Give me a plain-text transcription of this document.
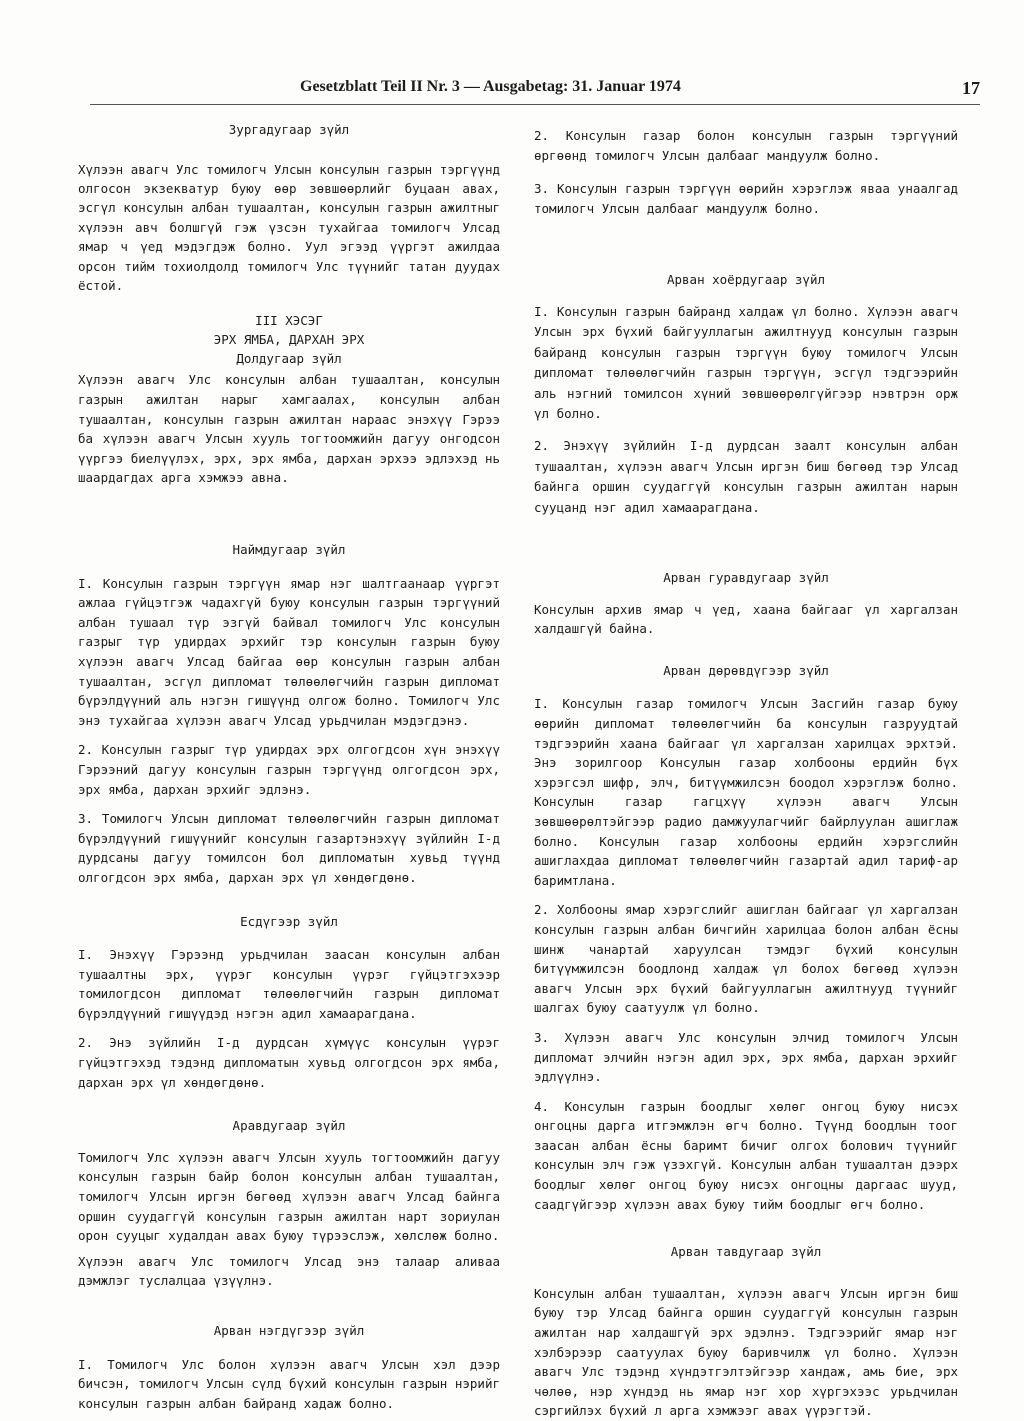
Gesetzblatt Teil II Nr. 3 — Ausgabetag: 31. Januar 1974	17
Зургадугаар зүйл

Хүлээн авагч Улс томилогч Улсын консулын газрын тэргүүнд олгосон экзекватур буюу өөр зөвшөөрлийг буцаан авах, эсгүл консулын албан тушаалтан, консулын газрын ажилтныг хүлээн авч болшгүй гэж үзсэн тухайгаа томилогч Улсад ямар ч үед мэдэгдэж болно. Уул эгээд үүргэт ажилдаа орсон тийм тохиолдолд томилогч Улс түүнийг татан дуудах ёстой.

III ХЭСЭГ
ЭРХ ЯМБА, ДАРХАН ЭРХ
Долдугаар зүйл

Хүлээн авагч Улс консулын албан тушаалтан, консулын газрын ажилтан нарыг хамгаалах, консулын албан тушаалтан, консулын газрын ажилтан нараас энэхүү Гэрээ ба хүлээн авагч Улсын хууль тогтоомжийн дагуу онгодсон үүргээ биелүүлэх, эрх, эрх ямба, дархан эрхээ эдлэхэд нь шаардагдах арга хэмжээ авна.

Наймдугаар зүйл

I. Консулын газрын тэргүүн ямар нэг шалтгаанаар үүргэт ажлаа гүйцэтгэж чадахгүй буюу консулын газрын тэргүүний албан тушаал түр эзгүй байвал томилогч Улс консулын газрыг түр удирдах эрхийг тэр консулын газрын буюу хүлээн авагч Улсад байгаа өөр консулын газрын албан тушаалтан, эсгүл дипломат төлөөлөгчийн газрын дипломат бүрэлдүүний аль нэгэн гишүүнд олгож болно. Томилогч Улс энэ тухайгаа хүлээн авагч Улсад урьдчилан мэдэгдэнэ.

2. Консулын газрыг түр удирдах эрх олгогдсон хүн энэхүү Гэрээний дагуу консулын газрын тэргүүнд олгогдсон эрх, эрх ямба, дархан эрхийг эдлэнэ.

3. Томилогч Улсын дипломат төлөөлөгчийн газрын дипломат бүрэлдүүний гишүүнийг консулын газартэнэхүү зүйлийн I-д дурдсаны дагуу томилсон бол дипломатын хувьд түүнд олгогдсон эрх ямба, дархан эрх үл хөндөгдөнө.

Есдүгээр зүйл

I. Энэхүү Гэрээнд урьдчилан заасан консулын албан тушаалтны эрх, үүрэг консулын үүрэг гүйцэтгэхээр томилогдсон дипломат төлөөлөгчийн газрын дипломат бүрэлдүүний гишүүдэд нэгэн адил хамаарагдана.

2. Энэ зүйлийн I-д дурдсан хүмүүс консулын үүрэг гүйцэтгэхэд тэдэнд дипломатын хувьд олгогдсон эрх ямба, дархан эрх үл хөндөгдөнө.

Аравдугаар зүйл

Томилогч Улс хүлээн авагч Улсын хууль тогтоомжийн дагуу консулын газрын байр болон консулын албан тушаалтан, томилогч Улсын иргэн бөгөөд хүлээн авагч Улсад байнга оршин суудаггүй консулын газрын ажилтан нарт зориулан орон сууцыг худалдан авах буюу түрээслэж, хөлслөж болно.

Хүлээн авагч Улс томилогч Улсад энэ талаар аливаа дэмжлэг туслалцаа үзүүлнэ.

Арван нэгдүгээр зүйл

I. Томилогч Улс болон хүлээн авагч Улсын хэл дээр бичсэн, томилогч Улсын сүлд бүхий консулын газрын нэрийг консулын газрын албан байранд хадаж болно.

2. Консулын газар болон консулын газрын тэргүүний өргөөнд томилогч Улсын далбааг мандуулж болно.

3. Консулын газрын тэргүүн өөрийн хэрэглэж яваа унаалгад томилогч Улсын далбааг мандуулж болно.

Арван хоёрдугаар зүйл

I. Консулын газрын байранд халдаж үл болно. Хүлээн авагч Улсын эрх бүхий байгууллагын ажилтнууд консулын газрын байранд консулын газрын тэргүүн буюу томилогч Улсын дипломат төлөөлөгчийн газрын тэргүүн, эсгүл тэдгээрийн аль нэгний томилсон хүний зөвшөөрөлгүйгээр нэвтрэн орж үл болно.

2. Энэхүү зүйлийн I-д дурдсан заалт консулын албан тушаалтан, хүлээн авагч Улсын иргэн биш бөгөөд тэр Улсад байнга оршин суудаггүй консулын газрын ажилтан нарын сууцанд нэг адил хамаарагдана.

Арван гуравдугаар зүйл

Консулын архив ямар ч үед, хаана байгааг үл харгалзан халдашгүй байна.

Арван дөрөвдүгээр зүйл

I. Консулын газар томилогч Улсын Засгийн газар буюу өөрийн дипломат төлөөлөгчийн ба консулын газруудтай тэдгээрийн хаана байгааг үл харгалзан харилцах эрхтэй. Энэ зорилгоор Консулын газар холбооны ердийн бүх хэрэгсэл шифр, элч, битүүмжилсэн боодол хэрэглэж болно. Консулын газар гагцхүү хүлээн авагч Улсын зөвшөөрөлтэйгээр радио дамжуулагчийг байрлуулан ашиглаж болно. Консулын газар холбооны ердийн хэрэгслийн ашиглахдаа дипломат төлөөлөгчийн газартай адил тариф-ар баримтлана.

2. Холбооны ямар хэрэгслийг ашиглан байгааг үл харгалзан консулын газрын албан бичгийн харилцаа болон албан ёсны шинж чанартай харуулсан тэмдэг бүхий консулын битүүмжилсэн боодлонд халдаж үл болох бөгөөд хүлээн авагч Улсын эрх бүхий байгууллагын ажилтнууд түүнийг шалгах буюу саатуулж үл болно.

3. Хүлээн авагч Улс консулын элчид томилогч Улсын дипломат элчийн нэгэн адил эрх, эрх ямба, дархан эрхийг эдлүүлнэ.

4. Консулын газрын боодлыг хөлөг онгоц буюу нисэх онгоцны дарга итгэмжлэн өгч болно. Түүнд боодлын тоог заасан албан ёсны баримт бичиг олгох болович түүнийг консулын элч гэж үзэхгүй. Консулын албан тушаалтан дээрх боодлыг хөлөг онгоц буюу нисэх онгоцны даргаас шууд, саадгүйгээр хүлээн авах буюу тийм боодлыг өгч болно.

Арван тавдугаар зүйл

Консулын албан тушаалтан, хүлээн авагч Улсын иргэн биш буюу тэр Улсад байнга оршин суудаггүй консулын газрын ажилтан нар халдашгүй эрх эдэлнэ. Тэдгээрийг ямар нэг хэлбэрээр саатуулах буюу баривчилж үл болно. Хүлээн авагч Улс тэдэнд хүндэтгэлтэйгээр хандаж, амь бие, эрх чөлөө, нэр хүндэд нь ямар нэг хор хүргэхээс урьдчилан сэргийлэх бүхий л арга хэмжээг авах үүрэгтэй.
